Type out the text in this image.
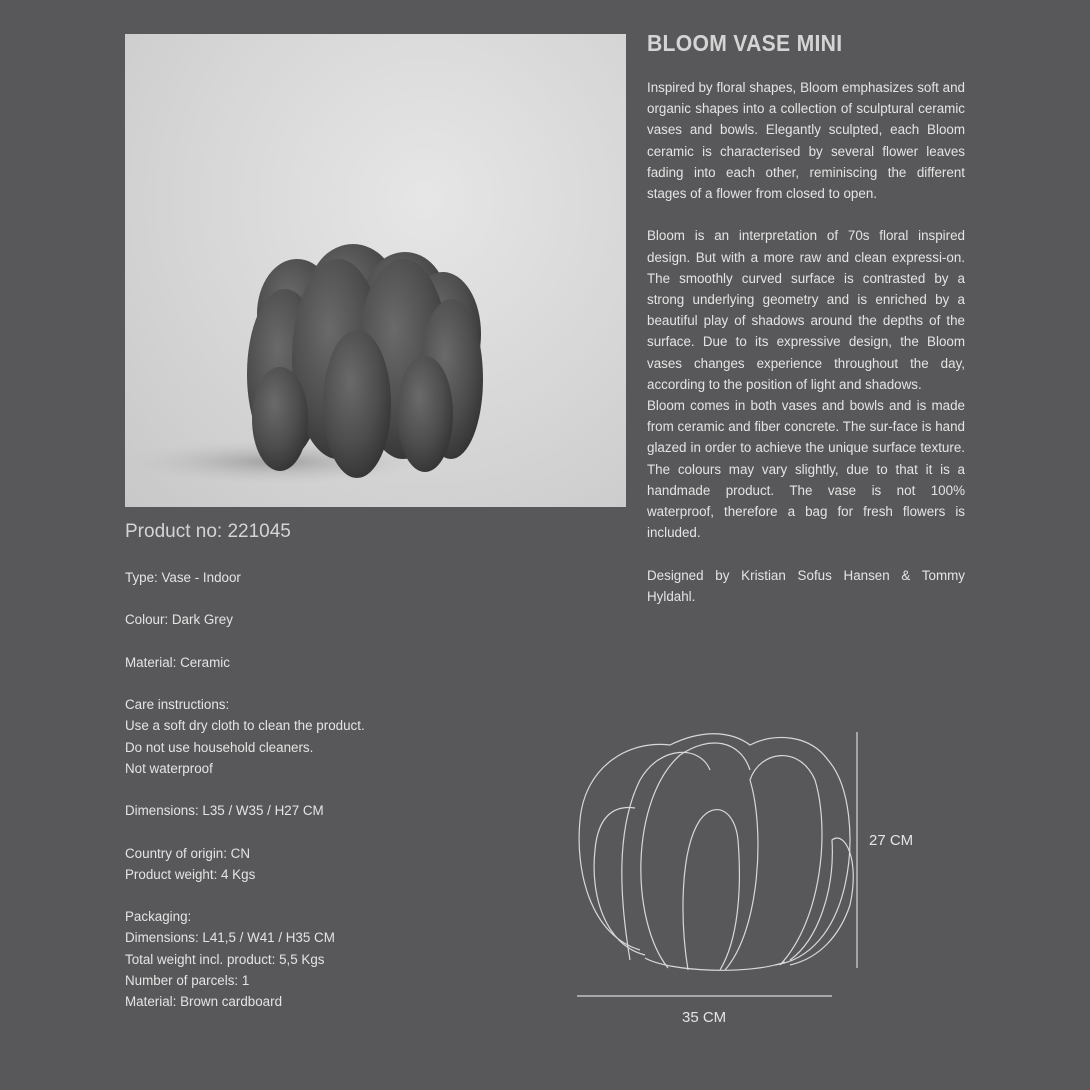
BLOOM VASE MINI

Inspired by floral shapes, Bloom emphasizes soft and organic shapes into a collection of sculptural ceramic vases and bowls. Elegantly sculpted, each Bloom ceramic is characterised by several flower leaves fading into each other, reminiscing the different stages of a flower from closed to open.

Bloom is an interpretation of 70s floral inspired design. But with a more raw and clean expressi-on. The smoothly curved surface is contrasted by a strong underlying geometry and is enriched by a beautiful play of shadows around the depths of the surface. Due to its expressive design, the Bloom vases changes experience throughout the day, according to the position of light and shadows.

Bloom comes in both vases and bowls and is made from ceramic and fiber concrete. The sur-face is hand glazed in order to achieve the unique surface texture. The colours may vary slightly, due to that it is a handmade product. The vase is not 100% waterproof, therefore a bag for fresh flowers is included.

Designed by Kristian Sofus Hansen & Tommy Hyldahl.

Product no: 221045
Type: Vase - Indoor
Colour: Dark Grey
Material: Ceramic
Care instructions:
Use a soft dry cloth to clean the product.
Do not use household cleaners.
Not waterproof
Dimensions: L35 / W35 / H27 CM
Country of origin: CN
Product weight: 4 Kgs
Packaging:
Dimensions: L41,5 / W41 / H35 CM
Total weight incl. product: 5,5 Kgs
Number of parcels: 1
Material: Brown cardboard
27 CM
35 CM
